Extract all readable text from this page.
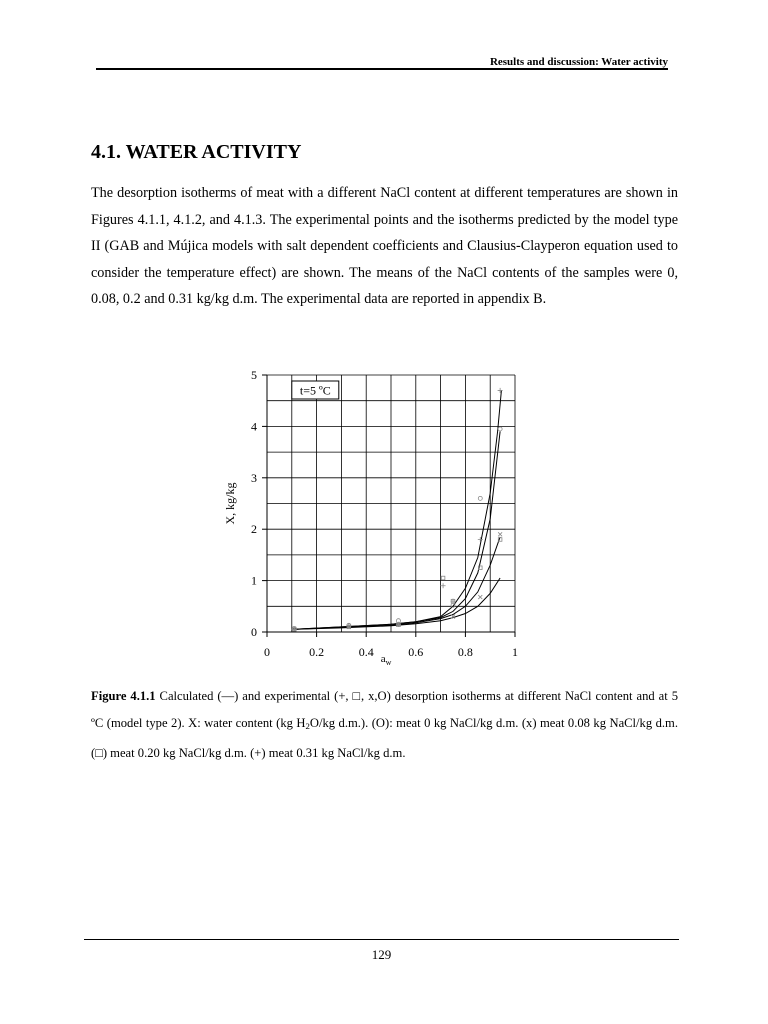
Results and discussion: Water activity
4.1. WATER ACTIVITY

The desorption isotherms of meat with a different NaCl content at different temperatures are shown in Figures 4.1.1, 4.1.2, and 4.1.3. The experimental points and the isotherms predicted by the model type II (GAB and Mújica models with salt dependent coefficients and Clausius-Clayperon equation used to consider the temperature effect) are shown. The means of the NaCl contents of the samples were 0, 0.08, 0.2 and 0.31 kg/kg d.m. The experimental data are reported in appendix B.

0
1
2
3
4
5
0	0.2	0.4	0.6	0.8	1
$a_w$
X, kg/kg
t=5 ºC

Figure 4.1.1 Calculated (—) and experimental (+, □, x,O) desorption isotherms at different NaCl content and at 5 ºC (model type 2). X: water content (kg $H_2O/kg$ d.m.). (O): meat 0 kg NaCl/kg d.m. (x) meat 0.08 kg NaCl/kg d.m. (□) meat 0.20 kg NaCl/kg d.m. (+) meat 0.31 kg NaCl/kg d.m.

129
